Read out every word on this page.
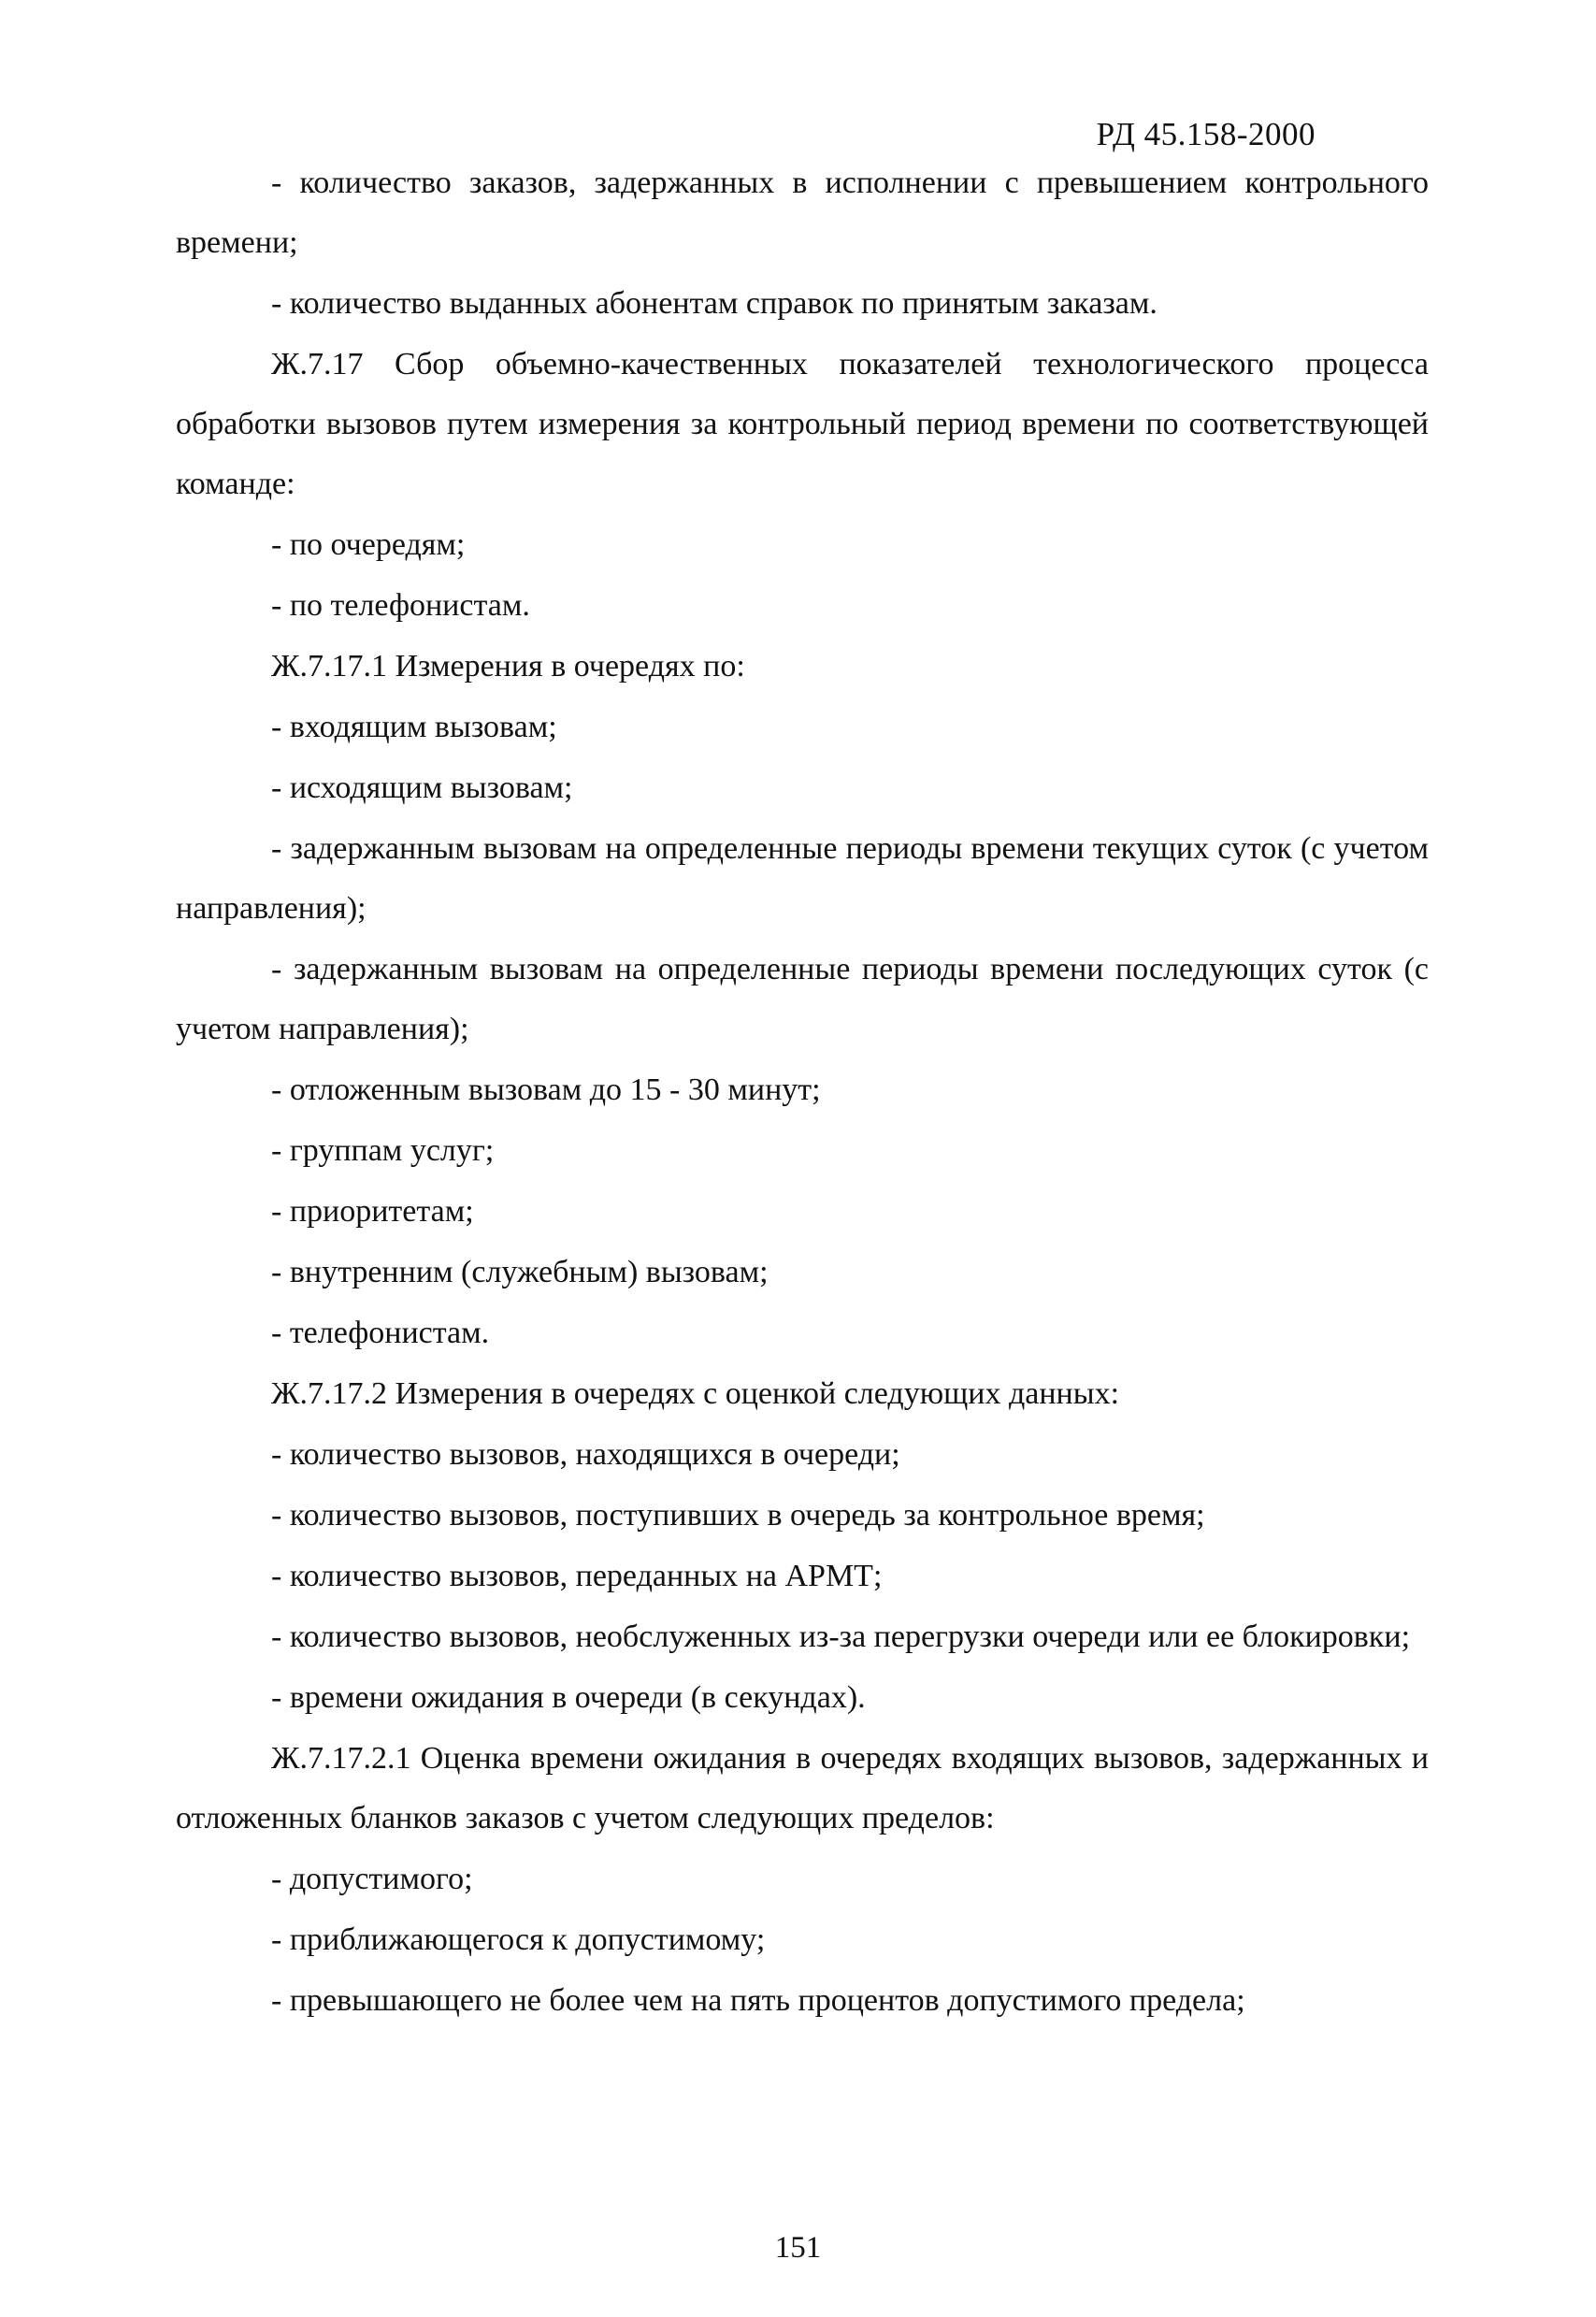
РД 45.158-2000

- количество заказов, задержанных в исполнении с превышением контрольного времени;

- количество выданных абонентам справок по принятым заказам.

Ж.7.17 Сбор объемно-качественных показателей технологического процесса обработки вызовов путем измерения за контрольный период времени по соответствующей команде:

- по очередям;

- по телефонистам.

Ж.7.17.1 Измерения в очередях по:

- входящим вызовам;

- исходящим вызовам;

- задержанным вызовам на определенные периоды времени текущих суток (с учетом направления);

- задержанным вызовам на определенные периоды времени последующих суток (с учетом направления);

- отложенным вызовам до 15 - 30 минут;

- группам услуг;

- приоритетам;

- внутренним (служебным) вызовам;

- телефонистам.

Ж.7.17.2 Измерения в очередях с оценкой следующих данных:

- количество вызовов, находящихся в очереди;

- количество вызовов, поступивших в очередь за контрольное время;

- количество вызовов, переданных на АРМТ;

- количество вызовов, необслуженных из-за перегрузки очереди или ее блокировки;

- времени ожидания в очереди (в секундах).

Ж.7.17.2.1 Оценка времени ожидания в очередях входящих вызовов, задержанных и отложенных бланков заказов с учетом следующих пределов:

- допустимого;

- приближающегося к допустимому;

- превышающего не более чем на пять процентов допустимого предела;

151
